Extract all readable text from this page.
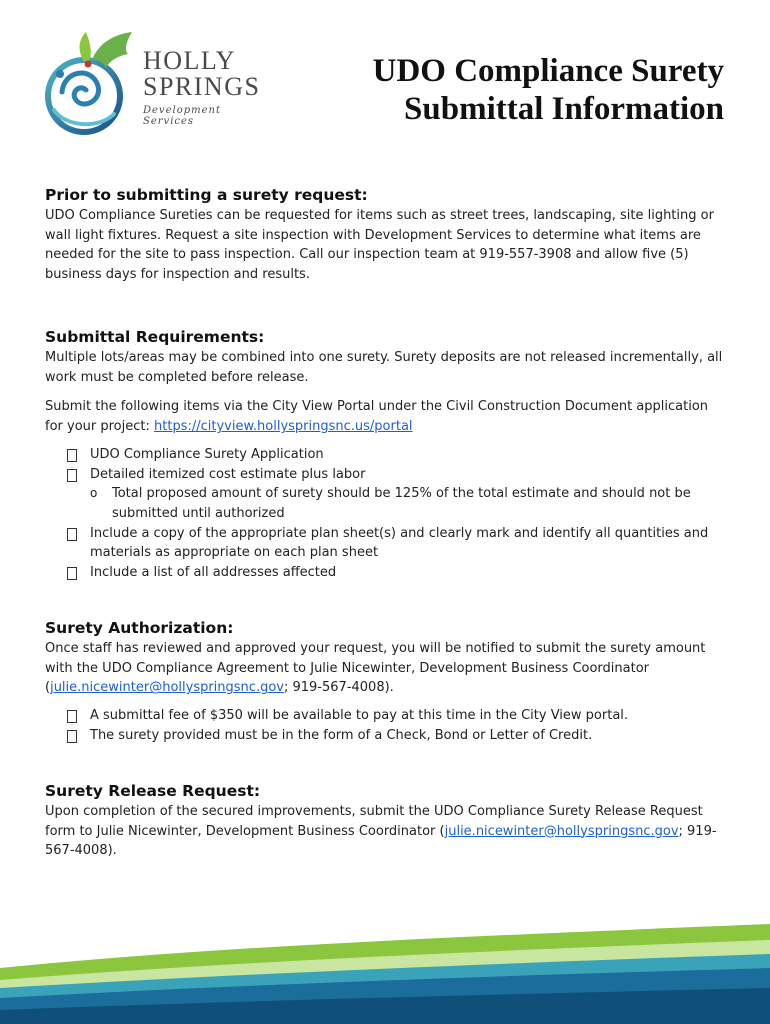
HOLLY
SPRINGS
Development Services
UDO Compliance Surety
Submittal Information
Prior to submitting a surety request:

UDO Compliance Sureties can be requested for items such as street trees, landscaping, site lighting or wall light fixtures. Request a site inspection with Development Services to determine what items are needed for the site to pass inspection. Call our inspection team at 919-557-3908 and allow five (5) business days for inspection and results.

Submittal Requirements:

Multiple lots/areas may be combined into one surety. Surety deposits are not released incrementally, all work must be completed before release.

Submit the following items via the City View Portal under the Civil Construction Document application for your project: https://cityview.hollyspringsnc.us/portal

UDO Compliance Surety Application
Detailed itemized cost estimate plus labor
o Total proposed amount of surety should be 125% of the total estimate and should not be submitted until authorized
Include a copy of the appropriate plan sheet(s) and clearly mark and identify all quantities and materials as appropriate on each plan sheet
Include a list of all addresses affected
Surety Authorization:

Once staff has reviewed and approved your request, you will be notified to submit the surety amount with the UDO Compliance Agreement to Julie Nicewinter, Development Business Coordinator (julie.nicewinter@hollyspringsnc.gov; 919-567-4008).

A submittal fee of $350 will be available to pay at this time in the City View portal.
The surety provided must be in the form of a Check, Bond or Letter of Credit.
Surety Release Request:

Upon completion of the secured improvements, submit the UDO Compliance Surety Release Request form to Julie Nicewinter, Development Business Coordinator (julie.nicewinter@hollyspringsnc.gov; 919-567-4008).
